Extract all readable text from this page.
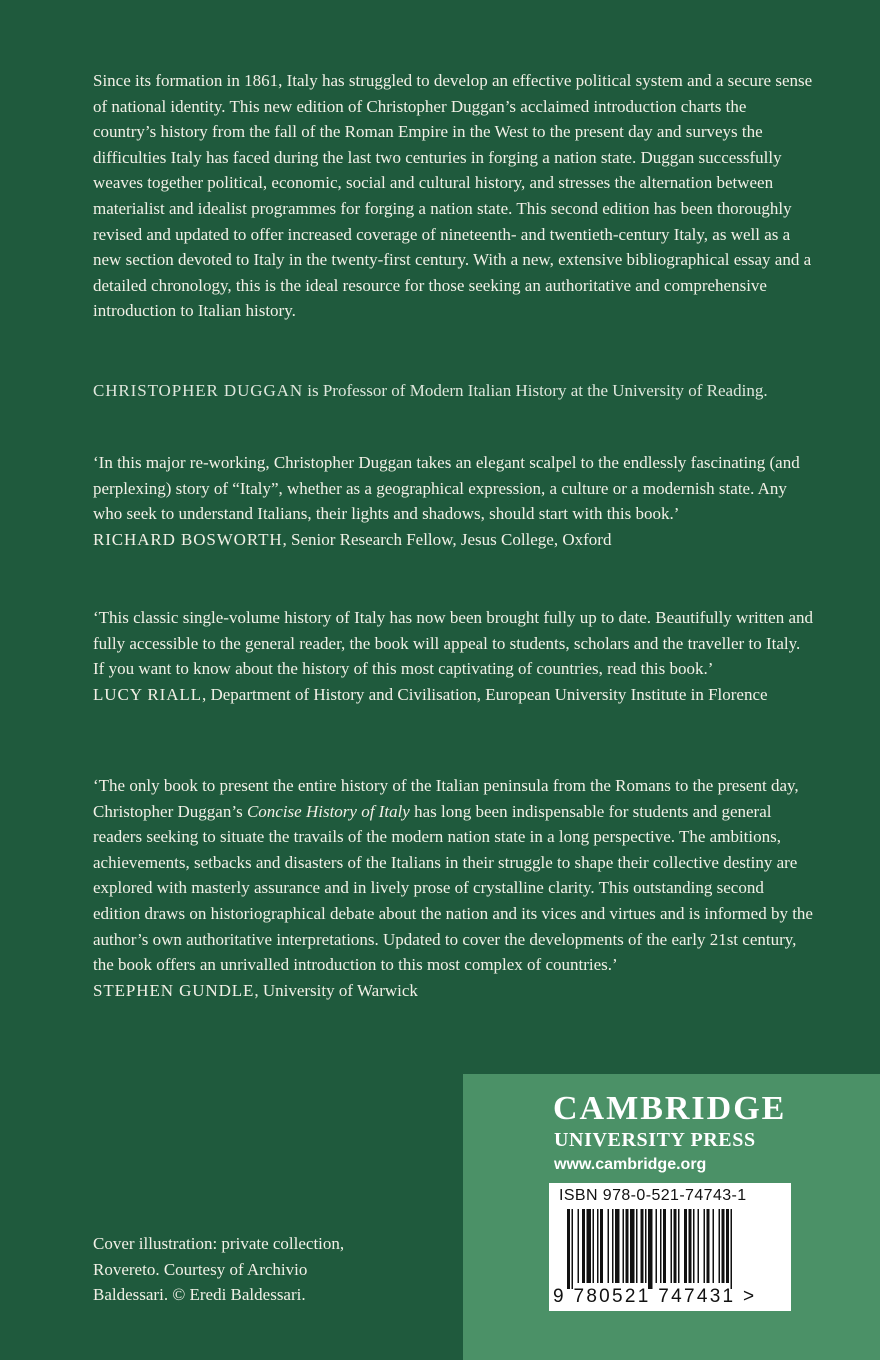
Since its formation in 1861, Italy has struggled to develop an effective political system and a secure sense of national identity. This new edition of Christopher Duggan’s acclaimed introduction charts the country’s history from the fall of the Roman Empire in the West to the present day and surveys the difficulties Italy has faced during the last two centuries in forging a nation state. Duggan successfully weaves together political, economic, social and cultural history, and stresses the alternation between materialist and idealist programmes for forging a nation state. This second edition has been thoroughly revised and updated to offer increased coverage of nineteenth- and twentieth-century Italy, as well as a new section devoted to Italy in the twenty-first century. With a new, extensive bibliographical essay and a detailed chronology, this is the ideal resource for those seeking an authoritative and comprehensive introduction to Italian history.

CHRISTOPHER DUGGAN is Professor of Modern Italian History at the University of Reading.

‘In this major re-working, Christopher Duggan takes an elegant scalpel to the endlessly fascinating (and perplexing) story of “Italy”, whether as a geographical expression, a culture or a modernish state. Any who seek to understand Italians, their lights and shadows, should start with this book.’

RICHARD BOSWORTH, Senior Research Fellow, Jesus College, Oxford

‘This classic single-volume history of Italy has now been brought fully up to date. Beautifully written and fully accessible to the general reader, the book will appeal to students, scholars and the traveller to Italy. If you want to know about the history of this most captivating of countries, read this book.’

LUCY RIALL, Department of History and Civilisation, European University Institute in Florence

‘The only book to present the entire history of the Italian peninsula from the Romans to the present day, Christopher Duggan’s Concise History of Italy has long been indispensable for students and general readers seeking to situate the travails of the modern nation state in a long perspective. The ambitions, achievements, setbacks and disasters of the Italians in their struggle to shape their collective destiny are explored with masterly assurance and in lively prose of crystalline clarity. This outstanding second edition draws on historiographical debate about the nation and its vices and virtues and is informed by the author’s own authoritative interpretations. Updated to cover the developments of the early 21st century, the book offers an unrivalled introduction to this most complex of countries.’

STEPHEN GUNDLE, University of Warwick

Cover illustration: private collection, Rovereto. Courtesy of Archivio Baldessari. © Eredi Baldessari.
CAMBRIDGE
UNIVERSITY PRESS
www.cambridge.org
ISBN 978-0-521-74743-1
9 780521 747431 >
